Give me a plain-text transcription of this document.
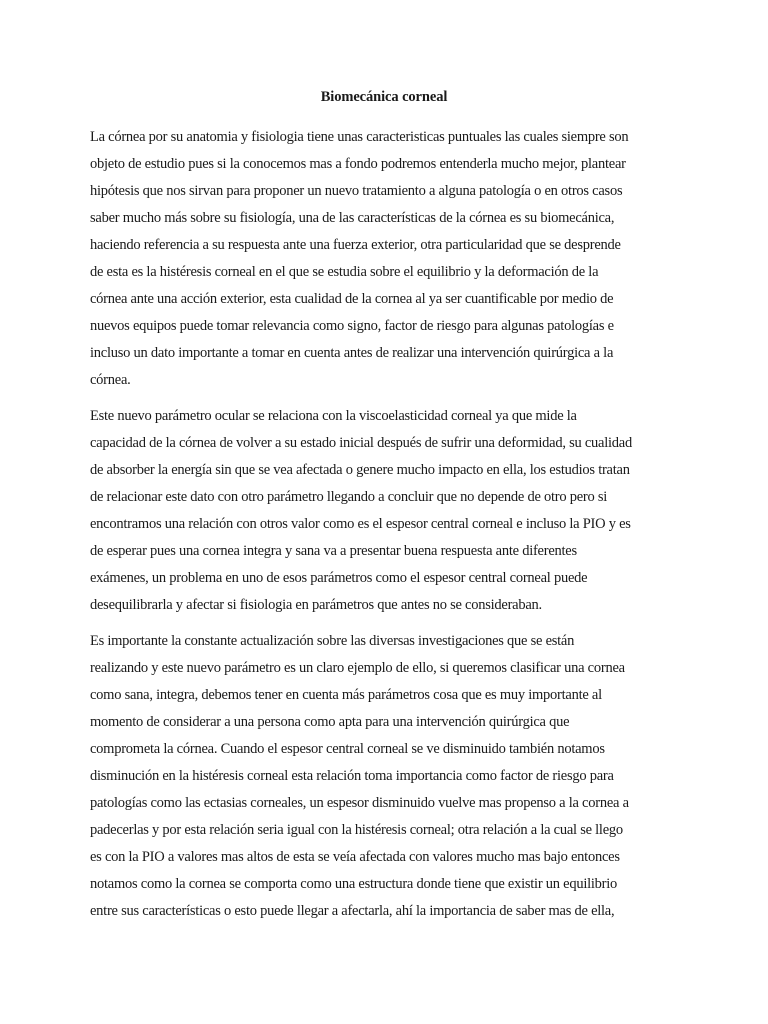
Biomecánica corneal

La córnea por su anatomia y fisiologia tiene unas caracteristicas puntuales las cuales siempre son

objeto de estudio pues si la conocemos mas a fondo podremos entenderla mucho mejor, plantear

hipótesis que nos sirvan para proponer un nuevo tratamiento a alguna patología o en otros casos

saber mucho más sobre su fisiología, una de las características de la córnea es su biomecánica,

haciendo referencia a su respuesta ante una fuerza exterior, otra particularidad que se desprende

de esta es la histéresis corneal en el que se estudia sobre el equilibrio y la deformación de la

córnea ante una acción exterior, esta cualidad de la cornea al ya ser cuantificable por medio de

nuevos equipos puede tomar relevancia como signo, factor de riesgo para algunas patologías e

incluso un dato importante a tomar en cuenta antes de realizar una intervención quirúrgica a la

córnea.

Este nuevo parámetro ocular se relaciona con la viscoelasticidad corneal ya que mide la

capacidad de la córnea de volver a su estado inicial después de sufrir una deformidad, su cualidad

de absorber la energía sin que se vea afectada o genere mucho impacto en ella, los estudios tratan

de relacionar este dato con otro parámetro llegando a concluir que no depende de otro pero si

encontramos una relación con otros valor como es el espesor central corneal e incluso la PIO y es

de esperar pues una cornea integra y sana va a presentar buena respuesta ante diferentes

exámenes, un problema en uno de esos parámetros como el espesor central corneal puede

desequilibrarla y afectar si fisiologia en parámetros que antes no se consideraban.

Es importante la constante actualización sobre las diversas investigaciones que se están

realizando y este nuevo parámetro es un claro ejemplo de ello, si queremos clasificar una cornea

como sana, integra, debemos tener en cuenta más parámetros cosa que es muy importante al

momento de considerar a una persona como apta para una intervención quirúrgica que

comprometa la córnea. Cuando el espesor central corneal se ve disminuido también notamos

disminución en la histéresis corneal esta relación toma importancia como factor de riesgo para

patologías como las ectasias corneales, un espesor disminuido vuelve mas propenso a la cornea a

padecerlas y por esta relación seria igual con la histéresis corneal; otra relación a la cual se llego

es con la PIO a valores mas altos de esta se veía afectada con valores mucho mas bajo entonces

notamos como la cornea se comporta como una estructura donde tiene que existir un equilibrio

entre sus características o esto puede llegar a afectarla, ahí la importancia de saber mas de ella,
